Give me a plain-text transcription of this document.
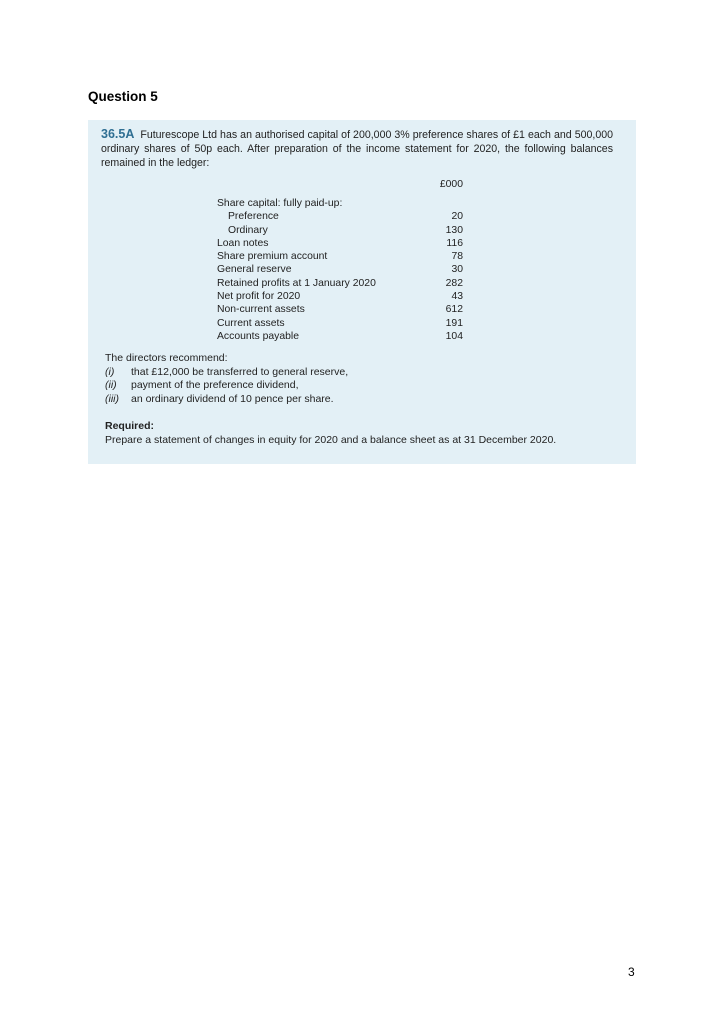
Question 5
36.5A Futurescope Ltd has an authorised capital of 200,000 3% preference shares of £1 each and 500,000 ordinary shares of 50p each. After preparation of the income statement for 2020, the following balances remained in the ledger:
£000
Share capital: fully paid-up:
Preference	20
Ordinary	130
Loan notes	116
Share premium account	78
General reserve	30
Retained profits at 1 January 2020	282
Net profit for 2020	43
Non-current assets	612
Current assets	191
Accounts payable	104
The directors recommend:
(i)	that £12,000 be transferred to general reserve,
(ii)	payment of the preference dividend,
(iii)	an ordinary dividend of 10 pence per share.
Required:
Prepare a statement of changes in equity for 2020 and a balance sheet as at 31 December 2020.
3
